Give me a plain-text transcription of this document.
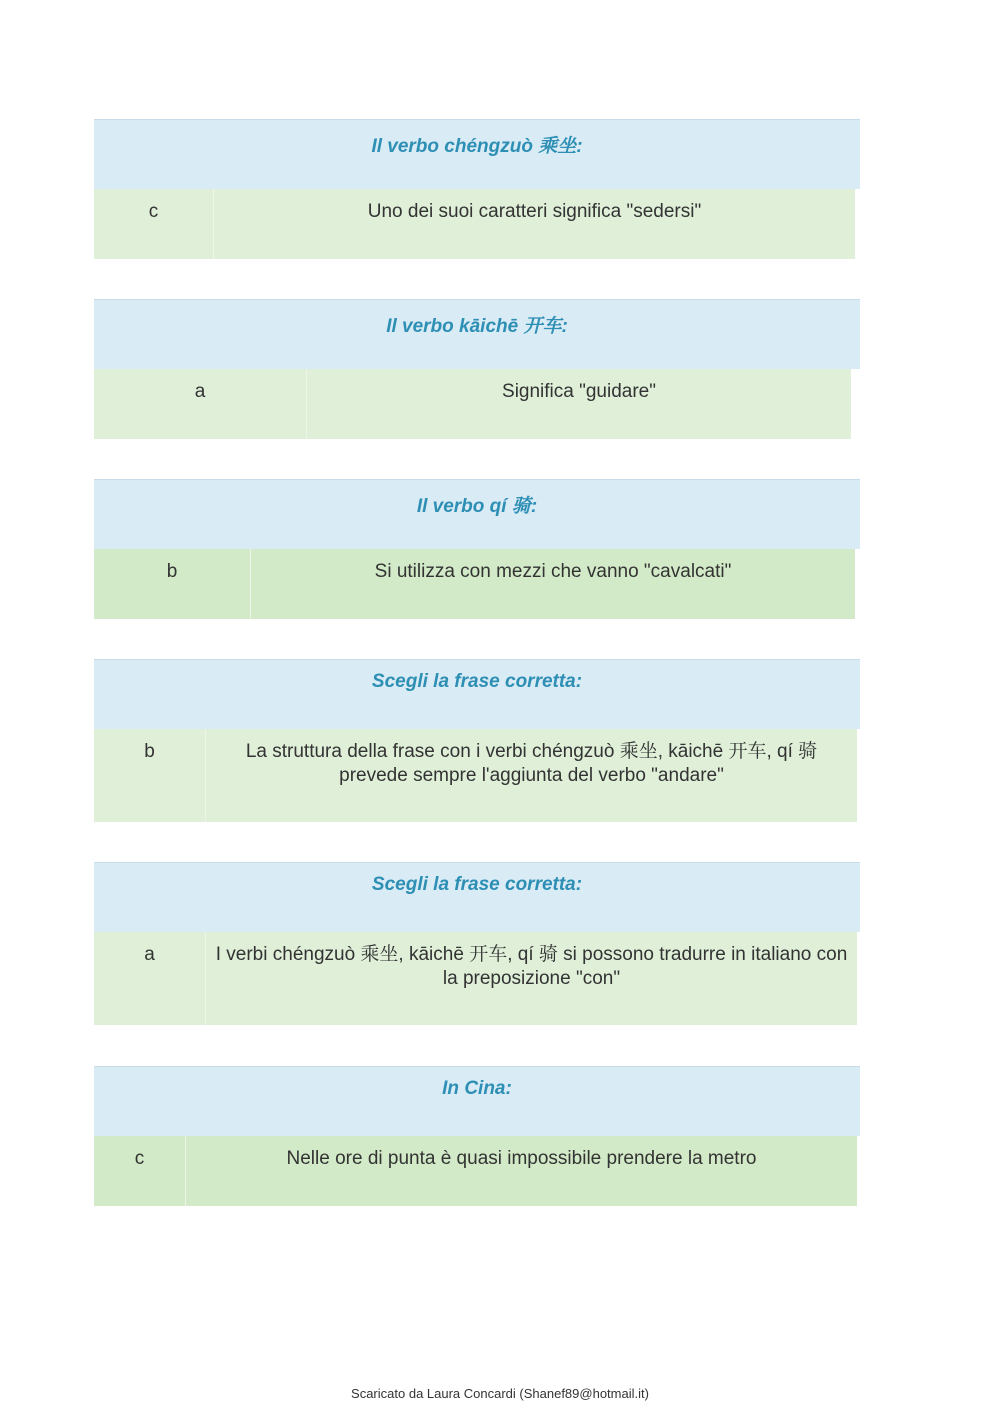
Il verbo chéngzuò 乘坐:
c	Uno dei suoi caratteri significa "sedersi"
Il verbo kāichē 开车:
a	Significa "guidare"
Il verbo qí 骑:
b	Si utilizza con mezzi che vanno "cavalcati"
Scegli la frase corretta:
b	La struttura della frase con i verbi chéngzuò 乘坐, kāichē 开车, qí 骑 prevede sempre l'aggiunta del verbo "andare"
Scegli la frase corretta:
a	I verbi chéngzuò 乘坐, kāichē 开车, qí 骑 si possono tradurre in italiano con la preposizione "con"
In Cina:
c	Nelle ore di punta è quasi impossibile prendere la metro
Scaricato da Laura Concardi (Shanef89@hotmail.it)
